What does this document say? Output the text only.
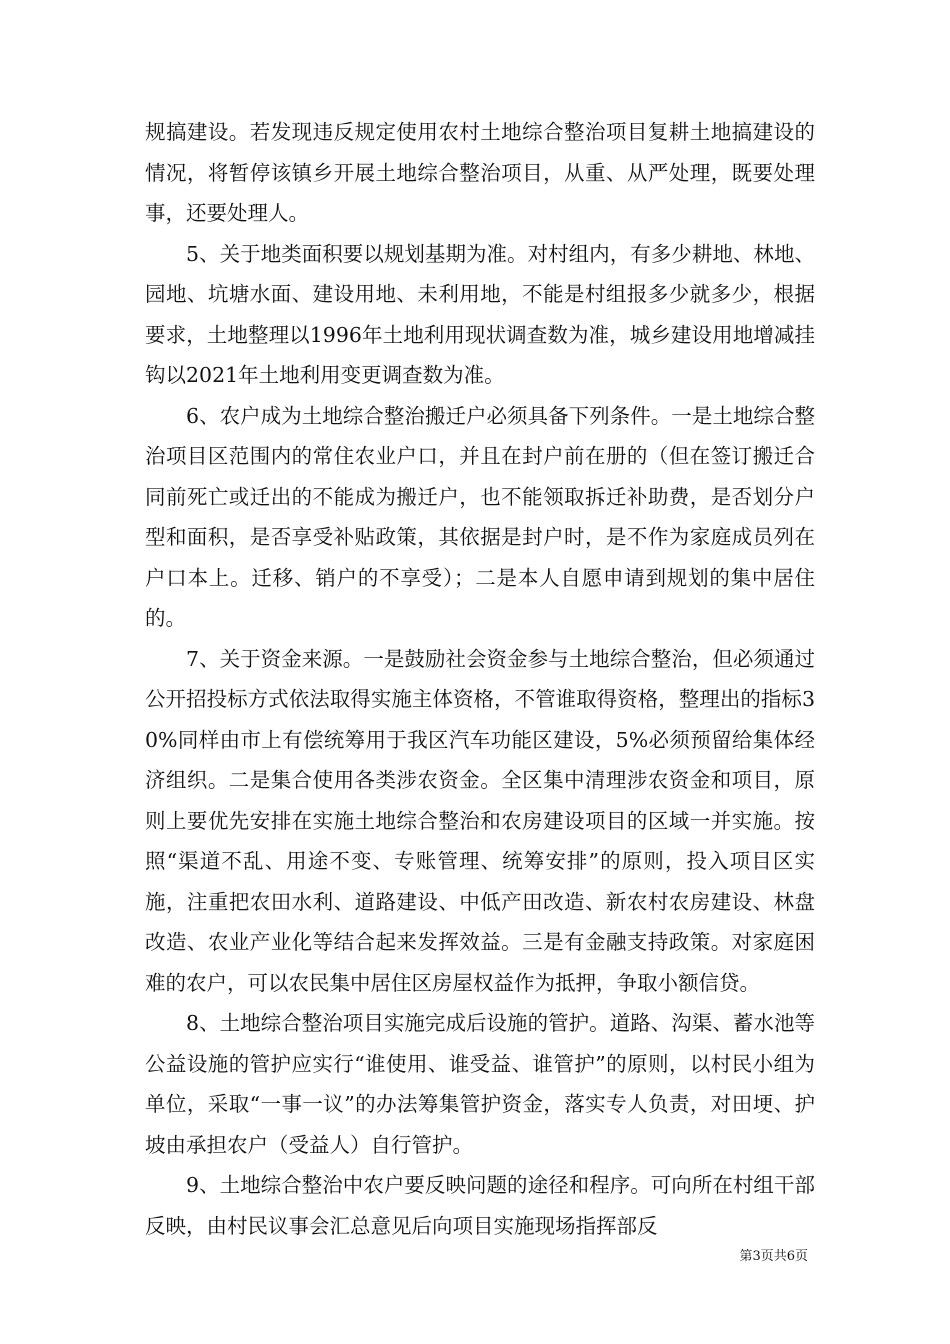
规搞建设。若发现违反规定使用农村土地综合整治项目复耕土地搞建设的情况，将暂停该镇乡开展土地综合整治项目，从重、从严处理，既要处理事，还要处理人。

5、关于地类面积要以规划基期为准。对村组内，有多少耕地、林地、园地、坑塘水面、建设用地、未利用地，不能是村组报多少就多少，根据要求，土地整理以1996年土地利用现状调查数为准，城乡建设用地增减挂钩以2021年土地利用变更调查数为准。

6、农户成为土地综合整治搬迁户必须具备下列条件。一是土地综合整治项目区范围内的常住农业户口，并且在封户前在册的（但在签订搬迁合同前死亡或迁出的不能成为搬迁户，也不能领取拆迁补助费，是否划分户型和面积，是否享受补贴政策，其依据是封户时，是不作为家庭成员列在户口本上。迁移、销户的不享受）；二是本人自愿申请到规划的集中居住的。

7、关于资金来源。一是鼓励社会资金参与土地综合整治，但必须通过公开招投标方式依法取得实施主体资格，不管谁取得资格，整理出的指标30%同样由市上有偿统筹用于我区汽车功能区建设，5%必须预留给集体经济组织。二是集合使用各类涉农资金。全区集中清理涉农资金和项目，原则上要优先安排在实施土地综合整治和农房建设项目的区域一并实施。按照“渠道不乱、用途不变、专账管理、统筹安排”的原则，投入项目区实施，注重把农田水利、道路建设、中低产田改造、新农村农房建设、林盘改造、农业产业化等结合起来发挥效益。三是有金融支持政策。对家庭困难的农户，可以农民集中居住区房屋权益作为抵押，争取小额信贷。

8、土地综合整治项目实施完成后设施的管护。道路、沟渠、蓄水池等公益设施的管护应实行“谁使用、谁受益、谁管护”的原则，以村民小组为单位，采取“一事一议”的办法筹集管护资金，落实专人负责，对田埂、护坡由承担农户（受益人）自行管护。

9、土地综合整治中农户要反映问题的途径和程序。可向所在村组干部反映，由村民议事会汇总意见后向项目实施现场指挥部反

第3页共6页
